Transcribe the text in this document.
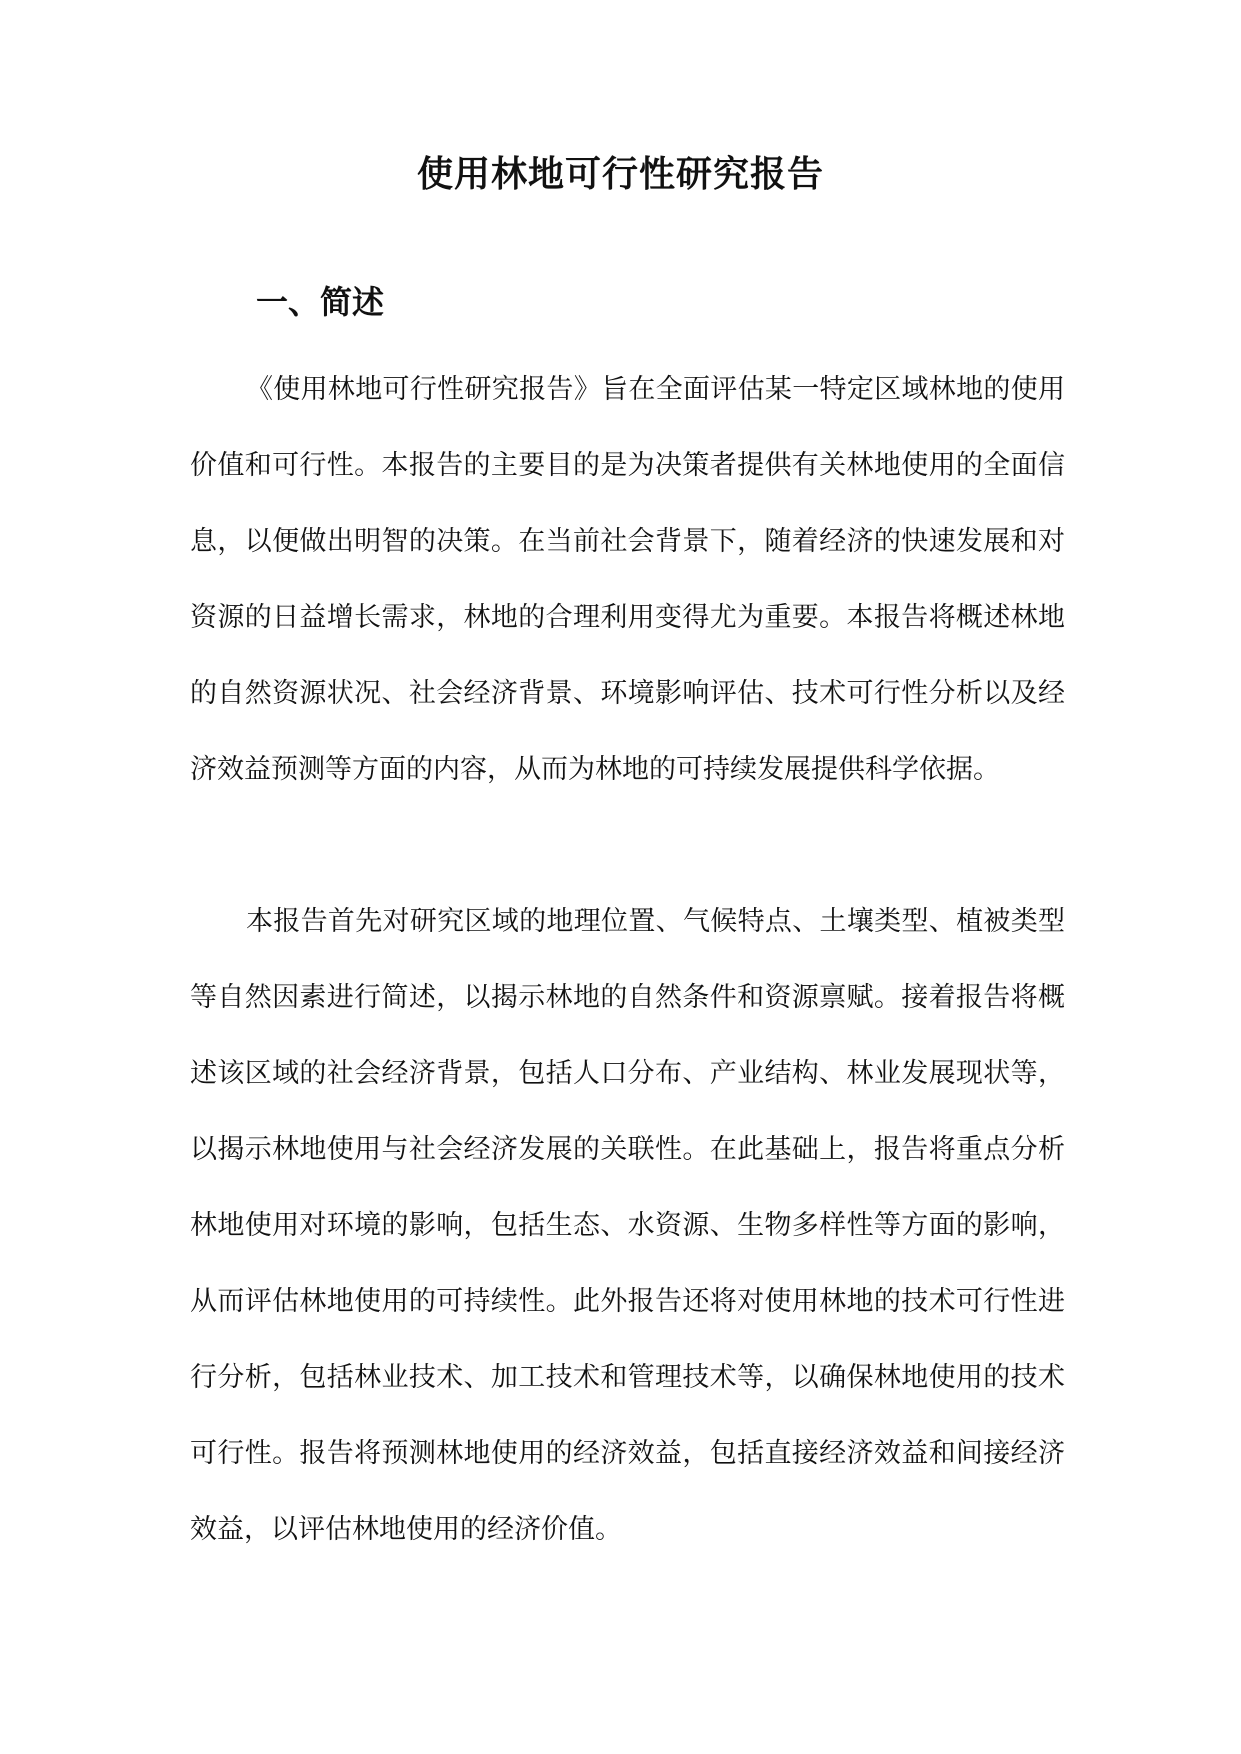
使用林地可行性研究报告
一、简述

《使用林地可行性研究报告》旨在全面评估某一特定区域林地的使用价值和可行性。本报告的主要目的是为决策者提供有关林地使用的全面信息，以便做出明智的决策。在当前社会背景下，随着经济的快速发展和对资源的日益增长需求，林地的合理利用变得尤为重要。本报告将概述林地的自然资源状况、社会经济背景、环境影响评估、技术可行性分析以及经济效益预测等方面的内容，从而为林地的可持续发展提供科学依据。

本报告首先对研究区域的地理位置、气候特点、土壤类型、植被类型等自然因素进行简述，以揭示林地的自然条件和资源禀赋。接着报告将概述该区域的社会经济背景，包括人口分布、产业结构、林业发展现状等，以揭示林地使用与社会经济发展的关联性。在此基础上，报告将重点分析林地使用对环境的影响，包括生态、水资源、生物多样性等方面的影响，从而评估林地使用的可持续性。此外报告还将对使用林地的技术可行性进行分析，包括林业技术、加工技术和管理技术等，以确保林地使用的技术可行性。报告将预测林地使用的经济效益，包括直接经济效益和间接经济效益，以评估林地使用的经济价值。
